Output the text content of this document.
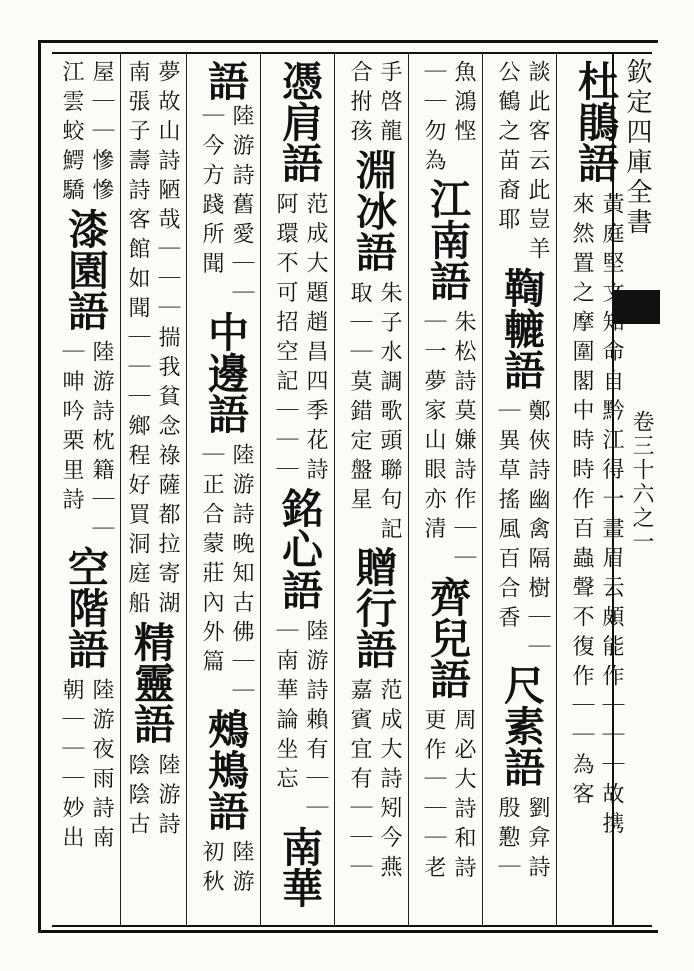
欽定四庫全書
卷三十六之一
杜鵑語
黃庭堅文知命自黔江得一畫眉云頗能作｜｜｜故携
來然置之摩圍閣中時時作百蟲聲不復作｜｜為客
談此客云此豈羊
公鶴之苗裔耶
鞫轆語
鄭俠詩幽禽隔樹｜｜
｜異草搖風百合香
尺素語
劉弇詩
殷懃｜
魚鴻悭
｜｜勿為
江南語
朱松詩莫嫌詩作｜｜
｜一夢家山眼亦清
齊兒語
周必大詩和詩
更作｜｜｜老
手啓龍
合拊孩
淵冰語
朱子水調歌頭聯句記
取｜｜莫錯定盤星
贈行語
范成大詩矧今燕
嘉賓宜有｜｜｜
憑肩語
范成大題趙昌四季花詩
阿環不可招空記｜｜｜
銘心語
陸游詩賴有｜｜
｜南華論坐忘
南華
語
陸游詩舊愛｜｜
｜今方踐所聞
中邊語
陸游詩晚知古佛｜｜
｜正合蒙莊內外篇
鵊鴂語
陸游
初秋
夢故山詩陋哉｜｜｜揣我貧念祿薩都拉寄湖
南張子壽詩客館如聞｜｜｜鄉程好買洞庭船
精靈語
陸游詩
陰陰古
屋｜｜慘慘
江雲蛟鰐驕
漆園語
陸游詩枕籍｜｜
｜呻吟栗里詩
空階語
陸游夜雨詩南
朝｜｜｜妙出
